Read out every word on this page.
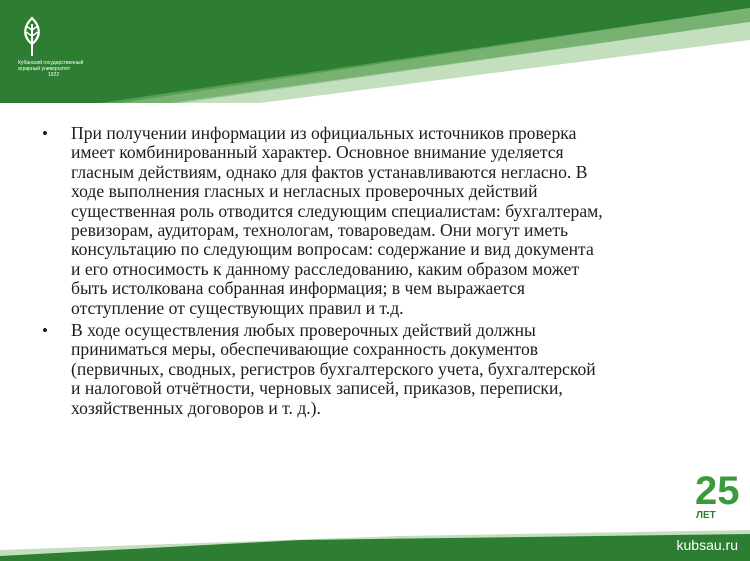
Кубанский государственный
аграрный университет
1922
• При получении информации из официальных источников проверка
имеет комбинированный характер. Основное внимание уделяется
гласным действиям, однако для фактов устанавливаются негласно. В
ходе выполнения гласных и негласных проверочных действий
существенная роль отводится следующим специалистам: бухгалтерам,
ревизорам, аудиторам, технологам, товароведам. Они могут иметь
консультацию по следующим вопросам: содержание и вид документа
и его относимость к данному расследованию, каким образом может
быть истолкована собранная информация; в чем выражается
отступление от существующих правил и т.д.
• В ходе осуществления любых проверочных действий должны
приниматься меры, обеспечивающие сохранность документов
(первичных, сводных, регистров бухгалтерского учета, бухгалтерской
и налоговой отчётности, черновых записей, приказов, переписки,
хозяйственных договоров и т. д.).
25
ЛЕТ
kubsau.ru
